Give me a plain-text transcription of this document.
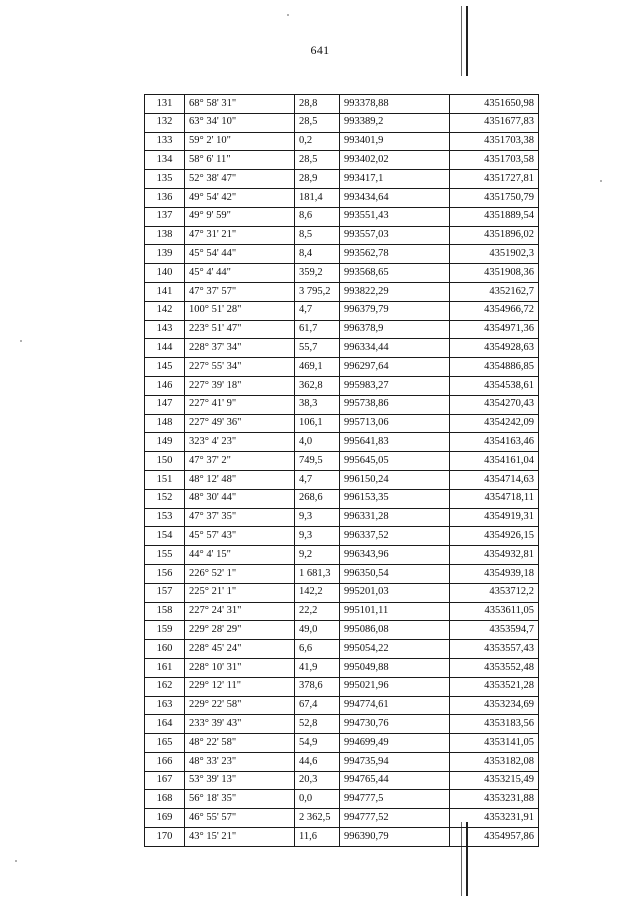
641
131	68° 58' 31"	28,8	993378,88	4351650,98
132	63° 34' 10"	28,5	993389,2	4351677,83
133	59° 2' 10"	0,2	993401,9	4351703,38
134	58° 6' 11"	28,5	993402,02	4351703,58
135	52° 38' 47"	28,9	993417,1	4351727,81
136	49° 54' 42"	181,4	993434,64	4351750,79
137	49° 9' 59"	8,6	993551,43	4351889,54
138	47° 31' 21"	8,5	993557,03	4351896,02
139	45° 54' 44"	8,4	993562,78	4351902,3
140	45° 4' 44"	359,2	993568,65	4351908,36
141	47° 37' 57"	3 795,2	993822,29	4352162,7
142	100° 51' 28"	4,7	996379,79	4354966,72
143	223° 51' 47"	61,7	996378,9	4354971,36
144	228° 37' 34"	55,7	996334,44	4354928,63
145	227° 55' 34"	469,1	996297,64	4354886,85
146	227° 39' 18"	362,8	995983,27	4354538,61
147	227° 41' 9"	38,3	995738,86	4354270,43
148	227° 49' 36"	106,1	995713,06	4354242,09
149	323° 4' 23"	4,0	995641,83	4354163,46
150	47° 37' 2"	749,5	995645,05	4354161,04
151	48° 12' 48"	4,7	996150,24	4354714,63
152	48° 30' 44"	268,6	996153,35	4354718,11
153	47° 37' 35"	9,3	996331,28	4354919,31
154	45° 57' 43"	9,3	996337,52	4354926,15
155	44° 4' 15"	9,2	996343,96	4354932,81
156	226° 52' 1"	1 681,3	996350,54	4354939,18
157	225° 21' 1"	142,2	995201,03	4353712,2
158	227° 24' 31"	22,2	995101,11	4353611,05
159	229° 28' 29"	49,0	995086,08	4353594,7
160	228° 45' 24"	6,6	995054,22	4353557,43
161	228° 10' 31"	41,9	995049,88	4353552,48
162	229° 12' 11"	378,6	995021,96	4353521,28
163	229° 22' 58"	67,4	994774,61	4353234,69
164	233° 39' 43"	52,8	994730,76	4353183,56
165	48° 22' 58"	54,9	994699,49	4353141,05
166	48° 33' 23"	44,6	994735,94	4353182,08
167	53° 39' 13"	20,3	994765,44	4353215,49
168	56° 18' 35"	0,0	994777,5	4353231,88
169	46° 55' 57"	2 362,5	994777,52	4353231,91
170	43° 15' 21"	11,6	996390,79	4354957,86
